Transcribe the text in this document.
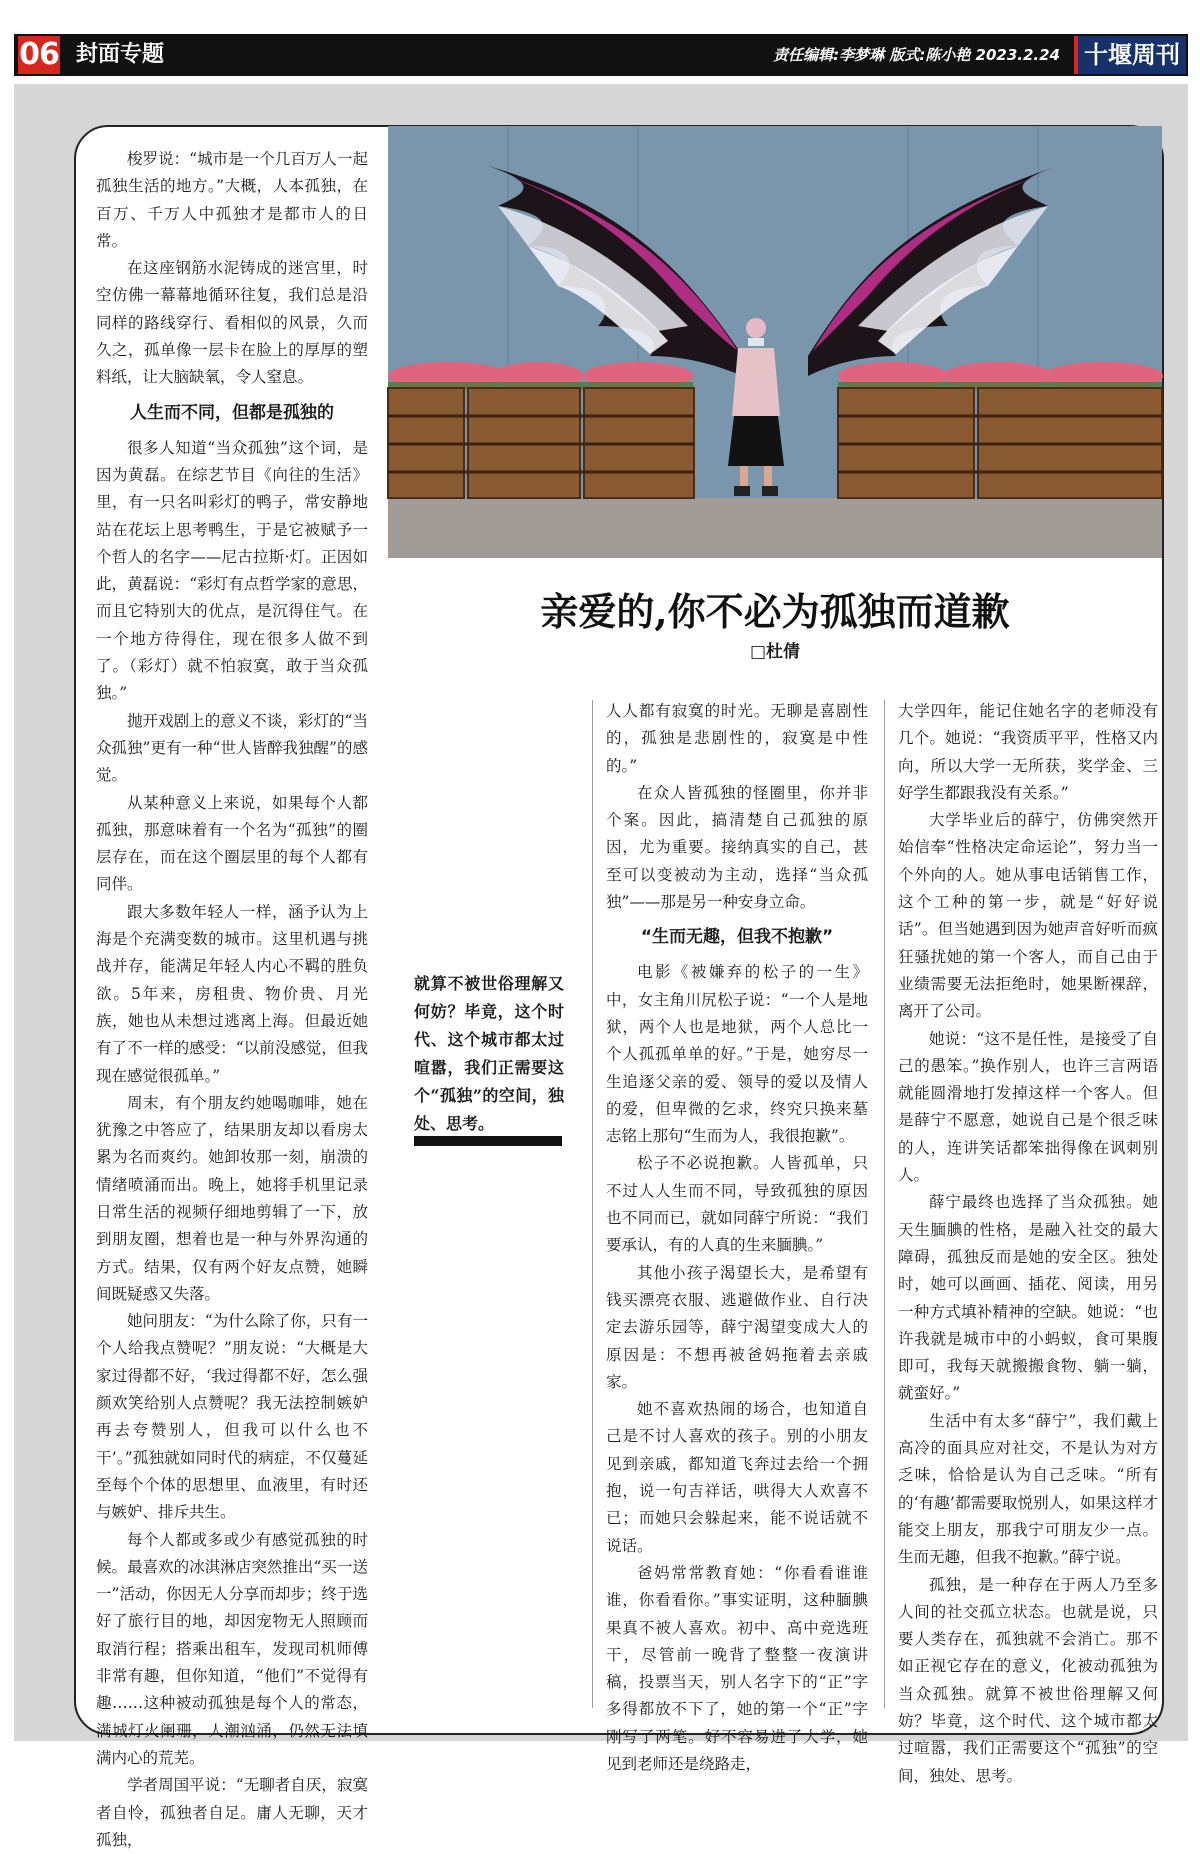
06 封面专题	责任编辑:李梦琳 版式:陈小艳 2023.2.24	十堰周刊
亲爱的,你不必为孤独而道歉
□杜倩

梭罗说：“城市是一个几百万人一起孤独生活的地方。”大概，人本孤独，在百万、千万人中孤独才是都市人的日常。

在这座钢筋水泥铸成的迷宫里，时空仿佛一幕幕地循环往复，我们总是沿同样的路线穿行、看相似的风景，久而久之，孤单像一层卡在脸上的厚厚的塑料纸，让大脑缺氧，令人窒息。

人生而不同，但都是孤独的

很多人知道“当众孤独”这个词，是因为黄磊。在综艺节目《向往的生活》里，有一只名叫彩灯的鸭子，常安静地站在花坛上思考鸭生，于是它被赋予一个哲人的名字——尼古拉斯·灯。正因如此，黄磊说：“彩灯有点哲学家的意思，而且它特别大的优点，是沉得住气。在一个地方待得住，现在很多人做不到了。（彩灯）就不怕寂寞，敢于当众孤独。”

抛开戏剧上的意义不谈，彩灯的“当众孤独”更有一种“世人皆醉我独醒”的感觉。

从某种意义上来说，如果每个人都孤独，那意味着有一个名为“孤独”的圈层存在，而在这个圈层里的每个人都有同伴。

跟大多数年轻人一样，涵予认为上海是个充满变数的城市。这里机遇与挑战并存，能满足年轻人内心不羁的胜负欲。5年来，房租贵、物价贵、月光族，她也从未想过逃离上海。但最近她有了不一样的感受：“以前没感觉，但我现在感觉很孤单。”

周末，有个朋友约她喝咖啡，她在犹豫之中答应了，结果朋友却以看房太累为名而爽约。她卸妆那一刻，崩溃的情绪喷涌而出。晚上，她将手机里记录日常生活的视频仔细地剪辑了一下，放到朋友圈，想着也是一种与外界沟通的方式。结果，仅有两个好友点赞，她瞬间既疑惑又失落。

她问朋友：“为什么除了你，只有一个人给我点赞呢？”朋友说：“大概是大家过得都不好，‘我过得都不好，怎么强颜欢笑给别人点赞呢？我无法控制嫉妒再去夸赞别人，但我可以什么也不干’。”孤独就如同时代的病症，不仅蔓延至每个个体的思想里、血液里，有时还与嫉妒、排斥共生。

每个人都或多或少有感觉孤独的时候。最喜欢的冰淇淋店突然推出“买一送一”活动，你因无人分享而却步；终于选好了旅行目的地，却因宠物无人照顾而取消行程；搭乘出租车，发现司机师傅非常有趣，但你知道，“他们”不觉得有趣……这种被动孤独是每个人的常态，满城灯火阑珊，人潮汹涌，仍然无法填满内心的荒芜。

学者周国平说：“无聊者自厌，寂寞者自怜，孤独者自足。庸人无聊，天才孤独，

就算不被世俗理解又何妨？毕竟，这个时代、这个城市都太过喧嚣，我们正需要这个“孤独”的空间，独处、思考。

人人都有寂寞的时光。无聊是喜剧性的，孤独是悲剧性的，寂寞是中性的。”

在众人皆孤独的怪圈里，你并非个案。因此，搞清楚自己孤独的原因，尤为重要。接纳真实的自己，甚至可以变被动为主动，选择“当众孤独”——那是另一种安身立命。

“生而无趣，但我不抱歉”

电影《被嫌弃的松子的一生》中，女主角川尻松子说：“一个人是地狱，两个人也是地狱，两个人总比一个人孤孤单单的好。”于是，她穷尽一生追逐父亲的爱、领导的爱以及情人的爱，但卑微的乞求，终究只换来墓志铭上那句“生而为人，我很抱歉”。

松子不必说抱歉。人皆孤单，只不过人人生而不同，导致孤独的原因也不同而已，就如同薛宁所说：“我们要承认，有的人真的生来腼腆。”

其他小孩子渴望长大，是希望有钱买漂亮衣服、逃避做作业、自行决定去游乐园等，薛宁渴望变成大人的原因是：不想再被爸妈拖着去亲戚家。

她不喜欢热闹的场合，也知道自己是不讨人喜欢的孩子。别的小朋友见到亲戚，都知道飞奔过去给一个拥抱，说一句吉祥话，哄得大人欢喜不已；而她只会躲起来，能不说话就不说话。

爸妈常常教育她：“你看看谁谁谁，你看看你。”事实证明，这种腼腆果真不被人喜欢。初中、高中竞选班干，尽管前一晚背了整整一夜演讲稿，投票当天，别人名字下的“正”字多得都放不下了，她的第一个“正”字刚写了两笔。好不容易进了大学，她见到老师还是绕路走，

大学四年，能记住她名字的老师没有几个。她说：“我资质平平，性格又内向，所以大学一无所获，奖学金、三好学生都跟我没有关系。”

大学毕业后的薛宁，仿佛突然开始信奉“性格决定命运论”，努力当一个外向的人。她从事电话销售工作，这个工种的第一步，就是“好好说话”。但当她遇到因为她声音好听而疯狂骚扰她的第一个客人，而自己由于业绩需要无法拒绝时，她果断裸辞，离开了公司。

她说：“这不是任性，是接受了自己的愚笨。”换作别人，也许三言两语就能圆滑地打发掉这样一个客人。但是薛宁不愿意，她说自己是个很乏味的人，连讲笑话都笨拙得像在讽刺别人。

薛宁最终也选择了当众孤独。她天生腼腆的性格，是融入社交的最大障碍，孤独反而是她的安全区。独处时，她可以画画、插花、阅读，用另一种方式填补精神的空缺。她说：“也许我就是城市中的小蚂蚁，食可果腹即可，我每天就搬搬食物、躺一躺，就蛮好。”

生活中有太多“薛宁”，我们戴上高冷的面具应对社交，不是认为对方乏味，恰恰是认为自己乏味。“所有的‘有趣’都需要取悦别人，如果这样才能交上朋友，那我宁可朋友少一点。生而无趣，但我不抱歉。”薛宁说。

孤独，是一种存在于两人乃至多人间的社交孤立状态。也就是说，只要人类存在，孤独就不会消亡。那不如正视它存在的意义，化被动孤独为当众孤独。就算不被世俗理解又何妨？毕竟，这个时代、这个城市都太过喧嚣，我们正需要这个“孤独”的空间，独处、思考。
